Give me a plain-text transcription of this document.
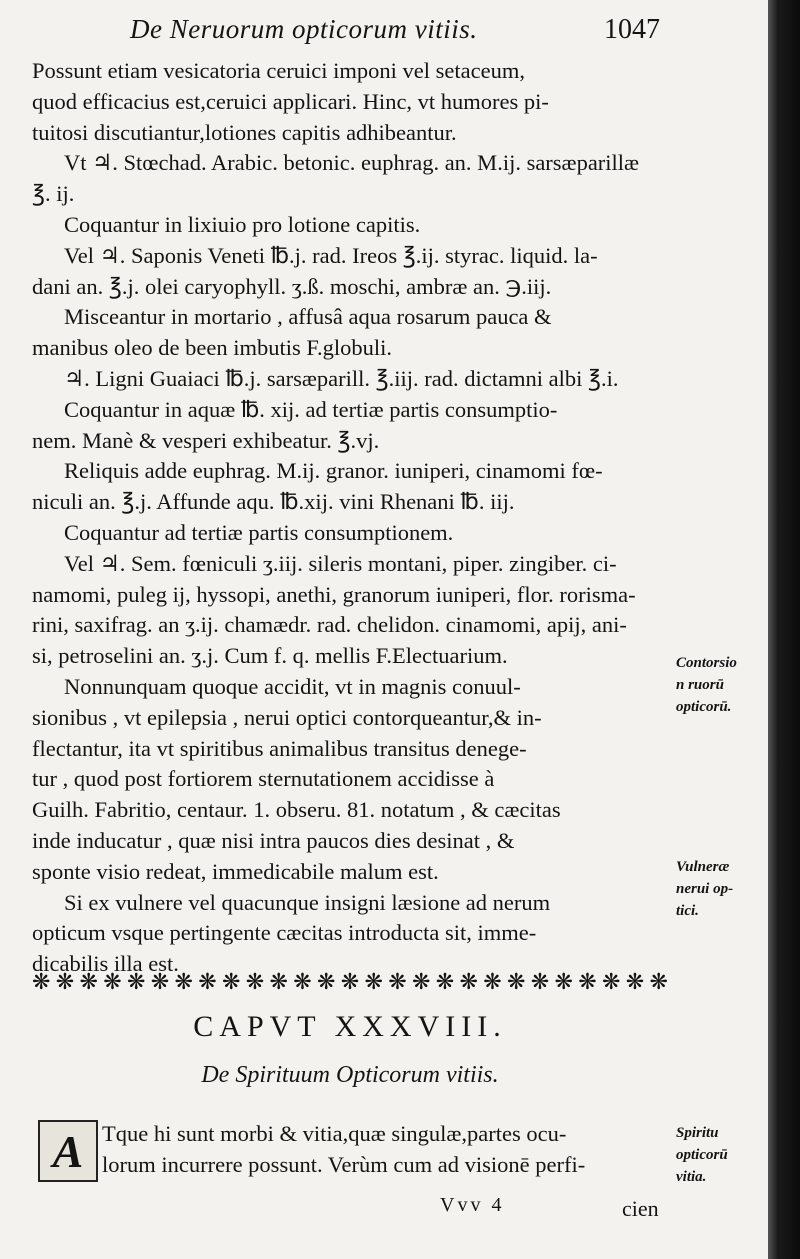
De Neruorum opticorum vitiis.	1047
Possunt etiam vesicatoria ceruici imponi vel setaceum,
quod efficacius est,ceruici applicari. Hinc, vt humores pi-
tuitosi discutiantur,lotiones capitis adhibeantur.
Vt ♃. Stœchad. Arabic. betonic. euphrag. an. M.ij. sarsæparillæ
℥. ij.
Coquantur in lixiuio pro lotione capitis.
Vel ♃. Saponis Veneti ℔.j. rad. Ireos ℥.ij. styrac. liquid. la-
dani an. ℥.j. olei caryophyll. ʒ.ß. moschi, ambræ an. ℈.iij.
Misceantur in mortario , affusâ aqua rosarum pauca &
manibus oleo de been imbutis F.globuli.
♃. Ligni Guaiaci ℔.j. sarsæparill. ℥.iij. rad. dictamni albi ℥.i.
Coquantur in aquæ ℔. xij. ad tertiæ partis consumptio-
nem. Manè & vesperi exhibeatur. ℥.vj.
Reliquis adde euphrag. M.ij. granor. iuniperi, cinamomi fœ-
niculi an. ℥.j. Affunde aqu. ℔.xij. vini Rhenani ℔. iij.
Coquantur ad tertiæ partis consumptionem.
Vel ♃. Sem. fœniculi ʒ.iij. sileris montani, piper. zingiber. ci-
namomi, puleg ij, hyssopi, anethi, granorum iuniperi, flor. rorisma-
rini, saxifrag. an ʒ.ij. chamædr. rad. chelidon. cinamomi, apij, ani-
si, petroselini an. ʒ.j. Cum f. q. mellis F.Electuarium.
Nonnunquam quoque accidit, vt in magnis conuul-
sionibus , vt epilepsia , nerui optici contorqueantur,& in-
flectantur, ita vt spiritibus animalibus transitus denege-
tur , quod post fortiorem sternutationem accidisse à
Guilh. Fabritio, centaur. 1. obseru. 81. notatum , & cæcitas
inde inducatur , quæ nisi intra paucos dies desinat , &
sponte visio redeat, immedicabile malum est.
Si ex vulnere vel quacunque insigni læsione ad nerum
opticum vsque pertingente cæcitas introducta sit, imme-
dicabilis illa est.
Contorsio
n ruorū
opticorū.
Vulneræ
nerui op-
tici.
Spiritu
opticorū
vitia.
❋ ❋ ❋ ❋ ❋ ❋ ❋ ❋ ❋ ❋ ❋ ❋ ❋ ❋ ❋ ❋ ❋ ❋ ❋ ❋ ❋ ❋ ❋ ❋ ❋ ❋ ❋
CAPVT XXXVIII.
De Spirituum Opticorum vitiis.
A Tque hi sunt morbi & vitia,quæ singulæ,partes ocu-
lorum incurrere possunt. Verùm cum ad visionē perfi-
Vvv 4	cien
